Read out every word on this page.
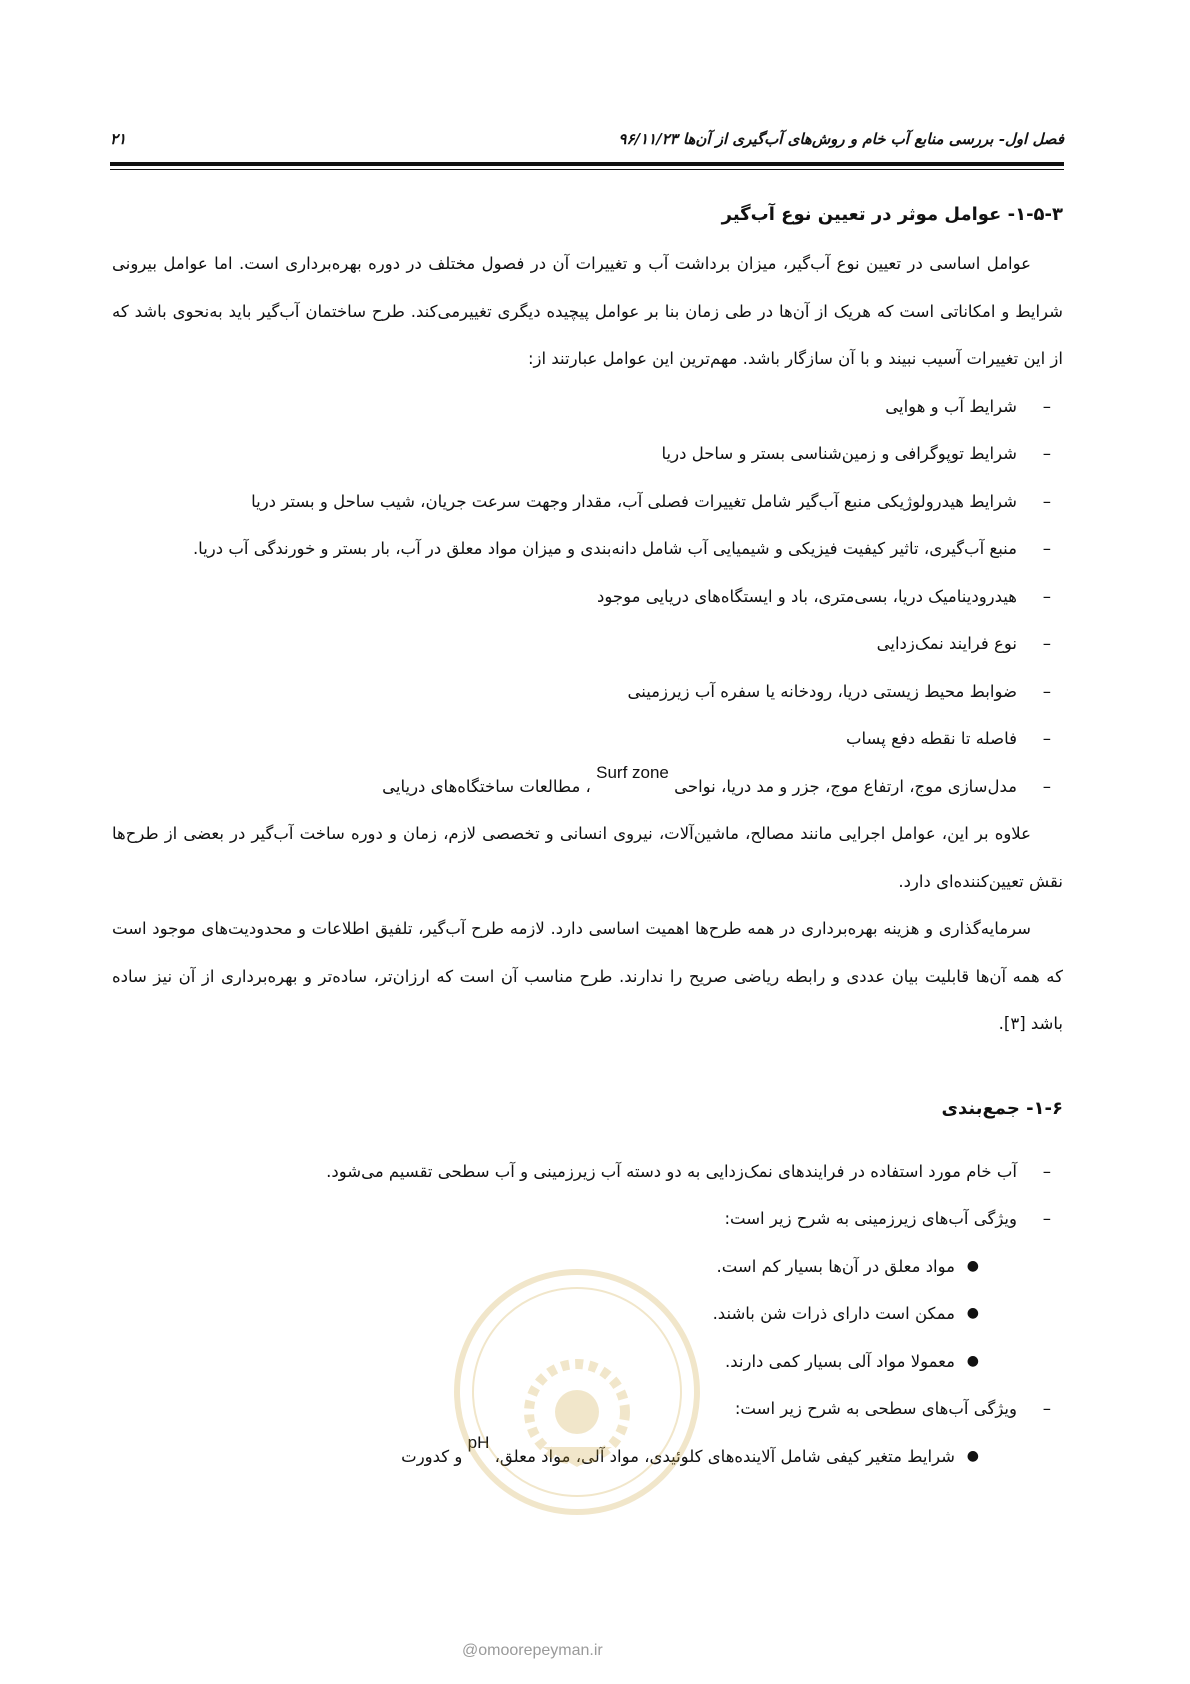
فصل اول- بررسی منابع آب خام و روش‌های آب‌گیری از آن‌ها ۹۶/۱۱/۲۳
۲۱
۱-۵-۳- عوامل موثر در تعیین نوع آب‌گیر

عوامل اساسی در تعیین نوع آب‌گیر، میزان برداشت آب و تغییرات آن در فصول مختلف در دوره بهره‌برداری است. اما عوامل بیرونی شرایط و امکاناتی است که هریک از آن‌ها در طی زمان بنا بر عوامل پیچیده دیگری تغییرمی‌کند. طرح ساختمان آب‌گیر باید به‌نحوی باشد که از این تغییرات آسیب نبیند و با آن سازگار باشد. مهم‌ترین این عوامل عبارتند از:

–
شرایط آب و هوایی
–
شرایط توپوگرافی و زمین‌شناسی بستر و ساحل دریا
–
شرایط هیدرولوژیکی منبع آب‌گیر شامل تغییرات فصلی آب، مقدار وجهت سرعت جریان، شیب ساحل و بستر دریا
–
منبع آب‌گیری، تاثیر کیفیت فیزیکی و شیمیایی آب شامل دانه‌بندی و میزان مواد معلق در آب، بار بستر و خورندگی آب دریا.
–
هیدرودینامیک دریا، بسی‌متری، باد و ایستگاه‌های دریایی موجود
–
نوع فرایند نمک‌زدایی
–
ضوابط محیط زیستی دریا، رودخانه یا سفره آب زیرزمینی
–
فاصله تا نقطه دفع پساب
–
مدل‌سازی موج، ارتفاع موج، جزر و مد دریا، نواحی Surf zone ، مطالعات ساختگاه‌های دریایی

علاوه بر این، عوامل اجرایی مانند مصالح، ماشین‌آلات، نیروی انسانی و تخصصی لازم، زمان و دوره ساخت آب‌گیر در بعضی از طرح‌ها نقش تعیین‌کننده‌ای دارد.

سرمایه‌گذاری و هزینه بهره‌برداری در همه طرح‌ها اهمیت اساسی دارد. لازمه طرح آب‌گیر، تلفیق اطلاعات و محدودیت‌های موجود است که همه آن‌ها قابلیت بیان عددی و رابطه ریاضی صریح را ندارند. طرح مناسب آن است که ارزان‌تر، ساده‌تر و بهره‌برداری از آن نیز ساده باشد [۳].

۱-۶- جمع‌بندی
–
آب خام مورد استفاده در فرایندهای نمک‌زدایی به دو دسته آب زیرزمینی و آب سطحی تقسیم می‌شود.
–
ویژگی آب‌های زیرزمینی به شرح زیر است:
●
مواد معلق در آن‌ها بسیار کم است.
●
ممکن است دارای ذرات شن باشند.
●
معمولا مواد آلی بسیار کمی دارند.
–
ویژگی آب‌های سطحی به شرح زیر است:
●
شرایط متغیر کیفی شامل آلاینده‌های کلوئیدی، مواد آلی، مواد معلق، pH و کدورت
@omoorepeyman.ir
